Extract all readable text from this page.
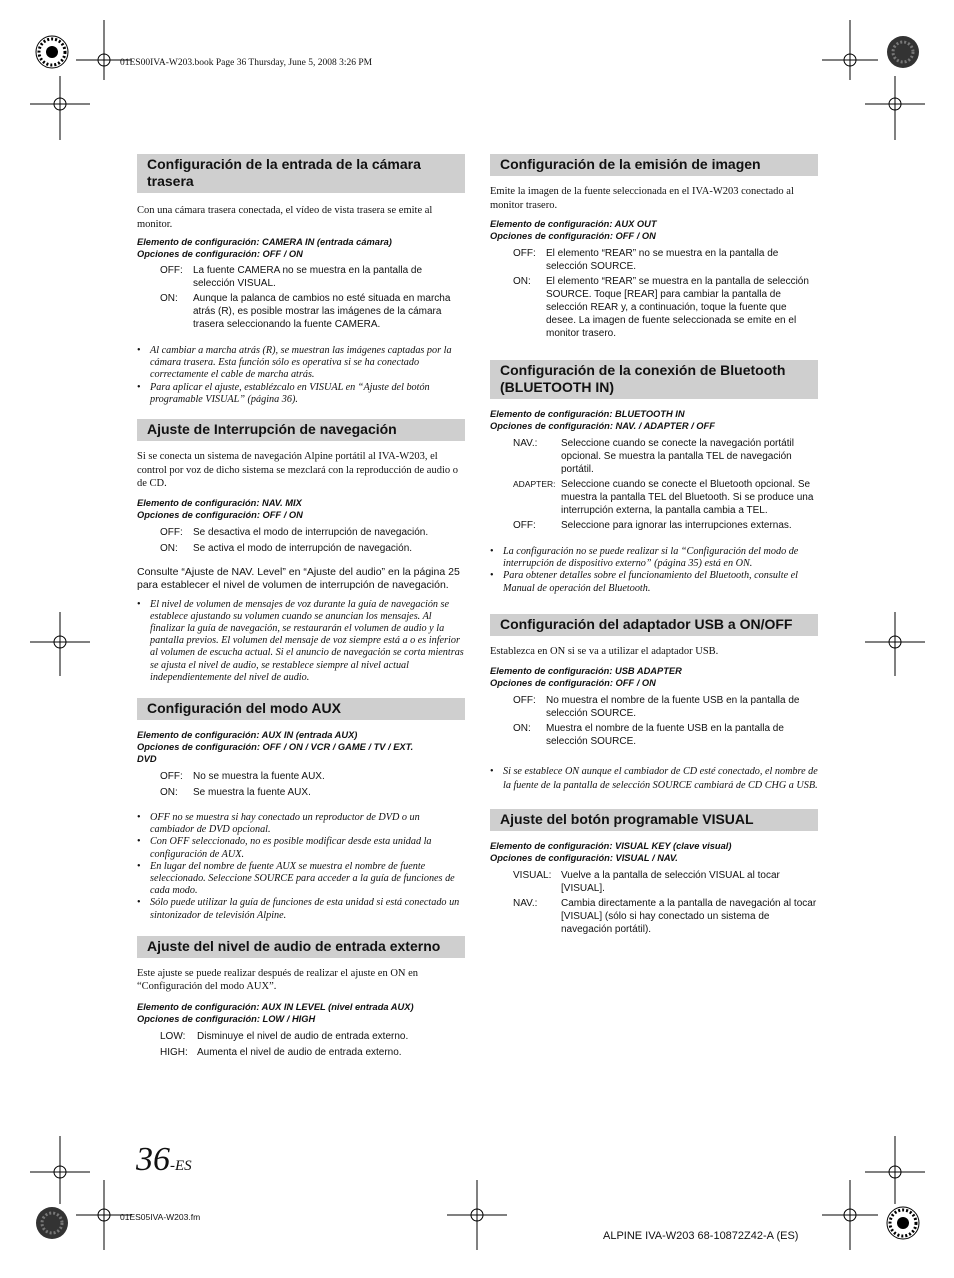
01ES00IVA-W203.book Page 36 Thursday, June 5, 2008 3:26 PM
01ES05IVA-W203.fm
Configuración de la entrada de la cámara trasera

Con una cámara trasera conectada, el vídeo de vista trasera se emite al monitor.

Elemento de configuración: CAMERA IN (entrada cámara)

Opciones de configuración: OFF / ON

OFF:	La fuente CAMERA no se muestra en la pantalla de selección VISUAL.
ON:	Aunque la palanca de cambios no esté situada en marcha atrás (R), es posible mostrar las imágenes de la cámara trasera seleccionando la fuente CAMERA.
• Al cambiar a marcha atrás (R), se muestran las imágenes captadas por la cámara trasera. Esta función sólo es operativa si se ha conectado correctamente el cable de marcha atrás.
• Para aplicar el ajuste, establézcalo en VISUAL en “Ajuste del botón programable VISUAL” (página 36).
Ajuste de Interrupción de navegación

Si se conecta un sistema de navegación Alpine portátil al IVA-W203, el control por voz de dicho sistema se mezclará con la reproducción de audio o de CD.

Elemento de configuración: NAV. MIX

Opciones de configuración: OFF / ON

OFF:	Se desactiva el modo de interrupción de navegación.
ON:	Se activa el modo de interrupción de navegación.

Consulte “Ajuste de NAV. Level” en “Ajuste del audio” en la página 25 para establecer el nivel de volumen de interrupción de navegación.

• El nivel de volumen de mensajes de voz durante la guía de navegación se establece ajustando su volumen cuando se anuncian los mensajes. Al finalizar la guía de navegación, se restaurarán el volumen de audio y la pantalla previos. El volumen del mensaje de voz siempre está a o es inferior al volumen de escucha actual. Si el anuncio de navegación se corta mientras se ajusta el nivel de audio, se restablece siempre al nivel actual independientemente del nivel de audio.
Configuración del modo AUX

Elemento de configuración: AUX IN (entrada AUX)

Opciones de configuración: OFF / ON / VCR / GAME / TV / EXT. DVD

OFF:	No se muestra la fuente AUX.
ON:	Se muestra la fuente AUX.
• OFF no se muestra si hay conectado un reproductor de DVD o un cambiador de DVD opcional.
• Con OFF seleccionado, no es posible modificar desde esta unidad la configuración de AUX.
• En lugar del nombre de fuente AUX se muestra el nombre de fuente seleccionado. Seleccione SOURCE para acceder a la guía de funciones de cada modo.
• Sólo puede utilizar la guía de funciones de esta unidad si está conectado un sintonizador de televisión Alpine.
Ajuste del nivel de audio de entrada externo

Este ajuste se puede realizar después de realizar el ajuste en ON en “Configuración del modo AUX”.

Elemento de configuración: AUX IN LEVEL (nivel entrada AUX)

Opciones de configuración: LOW / HIGH

LOW:	Disminuye el nivel de audio de entrada externo.
HIGH: Aumenta el nivel de audio de entrada externo.
Configuración de la emisión de imagen

Emite la imagen de la fuente seleccionada en el IVA-W203 conectado al monitor trasero.

Elemento de configuración: AUX OUT

Opciones de configuración: OFF / ON

OFF:	El elemento “REAR” no se muestra en la pantalla de selección SOURCE.
ON:	El elemento “REAR” se muestra en la pantalla de selección SOURCE. Toque [REAR] para cambiar la pantalla de selección REAR y, a continuación, toque la fuente que desee. La imagen de fuente seleccionada se emite en el monitor trasero.
Configuración de la conexión de Bluetooth (BLUETOOTH IN)

Elemento de configuración: BLUETOOTH IN

Opciones de configuración: NAV. / ADAPTER / OFF

NAV.:	Seleccione cuando se conecte la navegación portátil opcional. Se muestra la pantalla TEL de navegación portátil.
ADAPTER: Seleccione cuando se conecte el Bluetooth opcional. Se muestra la pantalla TEL del Bluetooth. Si se produce una interrupción externa, la pantalla cambia a TEL.
OFF:	Seleccione para ignorar las interrupciones externas.
• La configuración no se puede realizar si la “Configuración del modo de interrupción de dispositivo externo” (página 35) está en ON.
• Para obtener detalles sobre el funcionamiento del Bluetooth, consulte el Manual de operación del Bluetooth.
Configuración del adaptador USB a ON/OFF

Establezca en ON si se va a utilizar el adaptador USB.

Elemento de configuración: USB ADAPTER

Opciones de configuración: OFF / ON

OFF:	No muestra el nombre de la fuente USB en la pantalla de selección SOURCE.
ON:	Muestra el nombre de la fuente USB en la pantalla de selección SOURCE.
• Si se establece ON aunque el cambiador de CD esté conectado, el nombre de la fuente de la pantalla de selección SOURCE cambiará de CD CHG a USB.
Ajuste del botón programable VISUAL

Elemento de configuración: VISUAL KEY (clave visual)

Opciones de configuración: VISUAL / NAV.

VISUAL: Vuelve a la pantalla de selección VISUAL al tocar [VISUAL].
NAV.:	Cambia directamente a la pantalla de navegación al tocar [VISUAL] (sólo si hay conectado un sistema de navegación portátil).
36-ES
ALPINE IVA-W203 68-10872Z42-A (ES)
